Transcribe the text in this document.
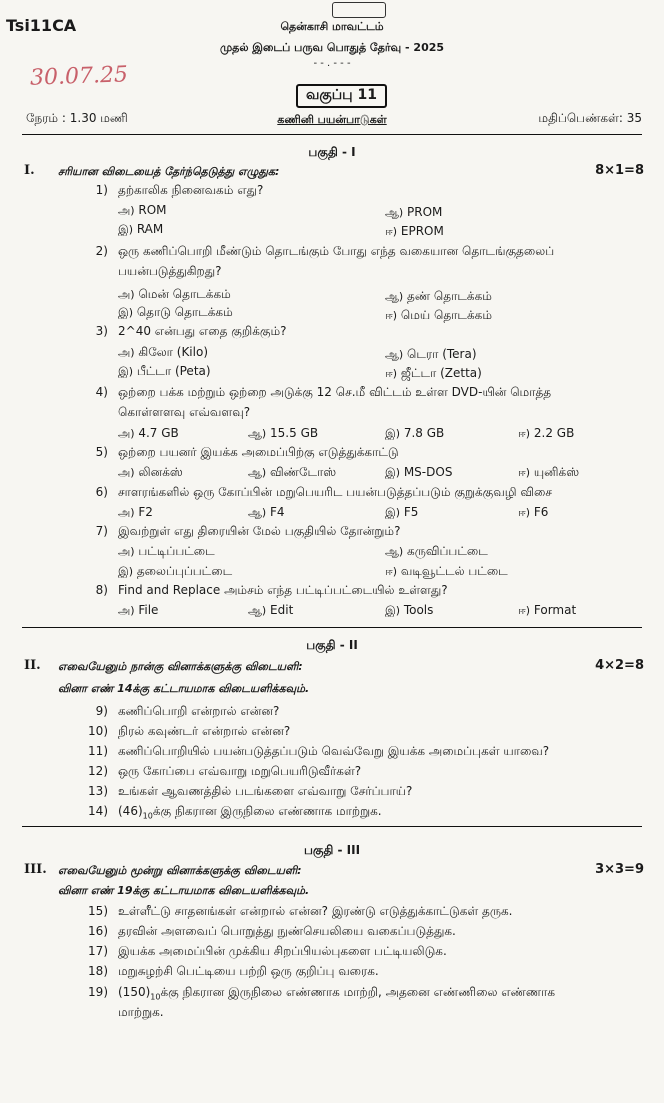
Tsi11CA	தென்காசி மாவட்டம்
முதல் இடைப் பருவ பொதுத் தேர்வு - 2025
- - . - - -
30.07.25
வகுப்பு 11
நேரம் : 1.30 மணி	கணினி பயன்பாடுகள்	மதிப்பெண்கள்: 35
பகுதி - I
I. சரியான விடையைத் தேர்ந்தெடுத்து எழுதுக:	8×1=8
1) தற்காலிக நினைவகம் எது?
அ) ROM	ஆ) PROM
இ) RAM	ஈ) EPROM
2) ஒரு கணிப்பொறி மீண்டும் தொடங்கும் போது எந்த வகையான தொடங்குதலைப்
பயன்படுத்துகிறது?
அ) மென் தொடக்கம்	ஆ) தண் தொடக்கம்
இ) தொடு தொடக்கம்	ஈ) மெய் தொடக்கம்
3) 2^40 என்பது எதை குறிக்கும்?
அ) கிலோ (Kilo)	ஆ) டெரா (Tera)
இ) பீட்டா (Peta)	ஈ) ஜீட்டா (Zetta)
4) ஒற்றை பக்க மற்றும் ஒற்றை அடுக்கு 12 செ.மீ விட்டம் உள்ள DVD-யின் மொத்த
கொள்ளளவு எவ்வளவு?
அ) 4.7 GB	ஆ) 15.5 GB	இ) 7.8 GB	ஈ) 2.2 GB
5) ஒற்றை பயனர் இயக்க அமைப்பிற்கு எடுத்துக்காட்டு
அ) லினக்ஸ்	ஆ) விண்டோஸ்	இ) MS-DOS	ஈ) யுனிக்ஸ்
6) சாளரங்களில் ஒரு கோப்பின் மறுபெயரிட பயன்படுத்தப்படும் குறுக்குவழி விசை
அ) F2	ஆ) F4	இ) F5	ஈ) F6
7) இவற்றுள் எது திரையின் மேல் பகுதியில் தோன்றும்?
அ) பட்டிப்பட்டை	ஆ) கருவிப்பட்டை
இ) தலைப்புப்பட்டை	ஈ) வடிவூட்டல் பட்டை
8) Find and Replace அம்சம் எந்த பட்டிப்பட்டையில் உள்ளது?
அ) File	ஆ) Edit	இ) Tools	ஈ) Format
பகுதி - II
II. எவையேனும் நான்கு வினாக்களுக்கு விடையளி:	4×2=8
வினா எண் 14க்கு கட்டாயமாக விடையளிக்கவும்.
9) கணிப்பொறி என்றால் என்ன?
10) நிரல் கவுண்டர் என்றால் என்ன?
11) கணிப்பொறியில் பயன்படுத்தப்படும் வெவ்வேறு இயக்க அமைப்புகள் யாவை?
12) ஒரு கோப்பை எவ்வாறு மறுபெயரிடுவீர்கள்?
13) உங்கள் ஆவணத்தில் படங்களை எவ்வாறு சேர்ப்பாய்?
14) $(46)_{10}க்கு$ நிகரான இருநிலை எண்ணாக மாற்றுக.
பகுதி - III
III. எவையேனும் மூன்று வினாக்களுக்கு விடையளி:	3×3=9
வினா எண் 19க்கு கட்டாயமாக விடையளிக்கவும்.
15) உள்ளீட்டு சாதனங்கள் என்றால் என்ன? இரண்டு எடுத்துக்காட்டுகள் தருக.
16) தரவின் அளவைப் பொறுத்து நுண்செயலியை வகைப்படுத்துக.
17) இயக்க அமைப்பின் முக்கிய சிறப்பியல்புகளை பட்டியலிடுக.
18) மறுசுழற்சி பெட்டியை பற்றி ஒரு குறிப்பு வரைக.
19) $(150)_{10}க்கு$ நிகரான இருநிலை எண்ணாக மாற்றி, அதனை எண்ணிலை எண்ணாக
மாற்றுக.
